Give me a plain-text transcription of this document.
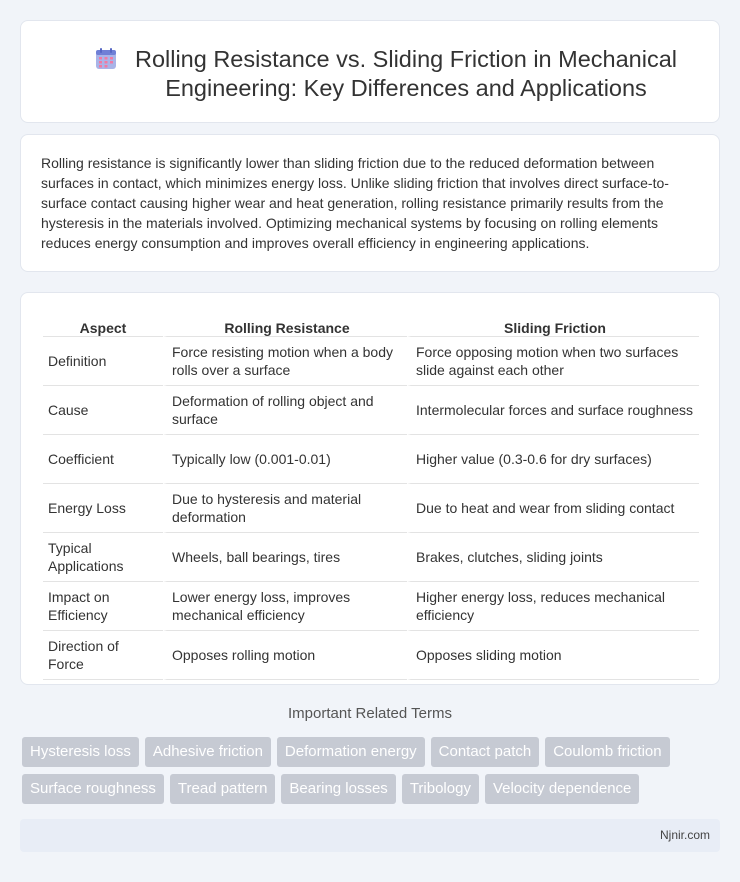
Rolling Resistance vs. Sliding Friction in Mechanical Engineering: Key Differences and Applications

Rolling resistance is significantly lower than sliding friction due to the reduced deformation between surfaces in contact, which minimizes energy loss. Unlike sliding friction that involves direct surface-to-surface contact causing higher wear and heat generation, rolling resistance primarily results from the hysteresis in the materials involved. Optimizing mechanical systems by focusing on rolling elements reduces energy consumption and improves overall efficiency in engineering applications.

Aspect	Rolling Resistance	Sliding Friction
Definition	Force resisting motion when a body rolls over a surface	Force opposing motion when two surfaces slide against each other
Cause	Deformation of rolling object and surface	Intermolecular forces and surface roughness
Coefficient	Typically low (0.001-0.01)	Higher value (0.3-0.6 for dry surfaces)
Energy Loss	Due to hysteresis and material deformation	Due to heat and wear from sliding contact
Typical Applications	Wheels, ball bearings, tires	Brakes, clutches, sliding joints
Impact on Efficiency	Lower energy loss, improves mechanical efficiency	Higher energy loss, reduces mechanical efficiency
Direction of Force	Opposes rolling motion	Opposes sliding motion
Important Related Terms
Hysteresis loss	Adhesive friction	Deformation energy	Contact patch	Coulomb friction
Surface roughness	Tread pattern	Bearing losses	Tribology	Velocity dependence
Njnir.com
